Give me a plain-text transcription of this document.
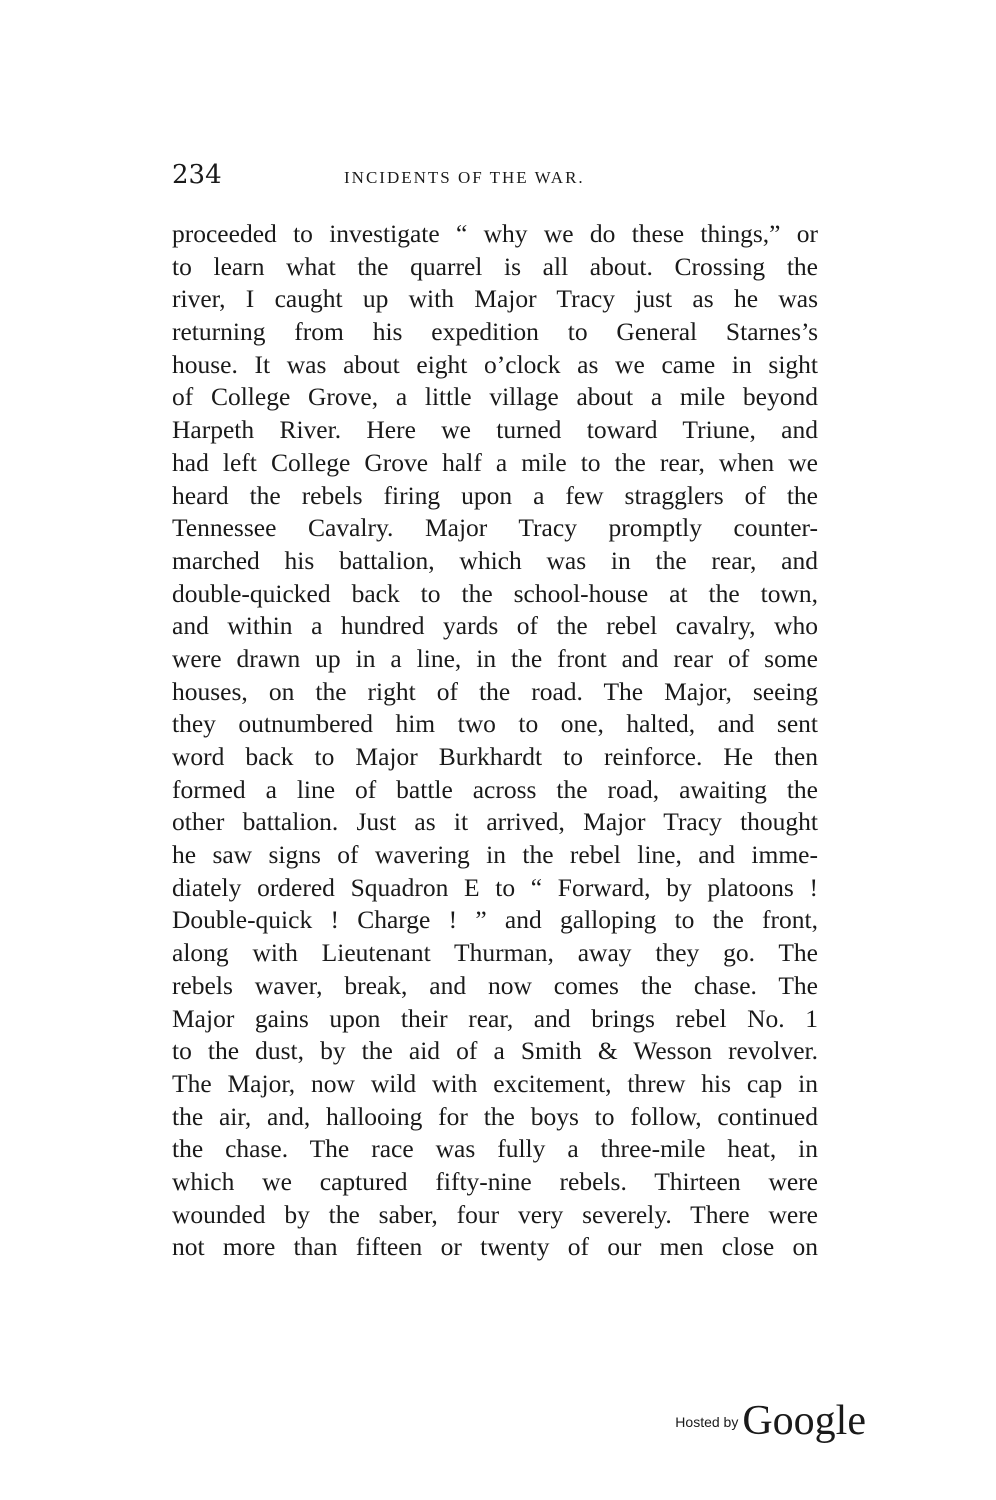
234	INCIDENTS OF THE WAR.
proceeded to investigate “ why we do these things,” or
to learn what the quarrel is all about. Crossing the
river, I caught up with Major Tracy just as he was
returning from his expedition to General Starnes’s
house. It was about eight o’clock as we came in sight
of College Grove, a little village about a mile beyond
Harpeth River. Here we turned toward Triune, and
had left College Grove half a mile to the rear, when we
heard the rebels firing upon a few stragglers of the
Tennessee Cavalry. Major Tracy promptly counter-
marched his battalion, which was in the rear, and
double-quicked back to the school-house at the town,
and within a hundred yards of the rebel cavalry, who
were drawn up in a line, in the front and rear of some
houses, on the right of the road. The Major, seeing
they outnumbered him two to one, halted, and sent
word back to Major Burkhardt to reinforce. He then
formed a line of battle across the road, awaiting the
other battalion. Just as it arrived, Major Tracy thought
he saw signs of wavering in the rebel line, and imme-
diately ordered Squadron E to “ Forward, by platoons !
Double-quick ! Charge ! ” and galloping to the front,
along with Lieutenant Thurman, away they go. The
rebels waver, break, and now comes the chase. The
Major gains upon their rear, and brings rebel No. 1
to the dust, by the aid of a Smith & Wesson revolver.
The Major, now wild with excitement, threw his cap in
the air, and, hallooing for the boys to follow, continued
the chase. The race was fully a three-mile heat, in
which we captured fifty-nine rebels. Thirteen were
wounded by the saber, four very severely. There were
not more than fifteen or twenty of our men close on
Hosted by Google
